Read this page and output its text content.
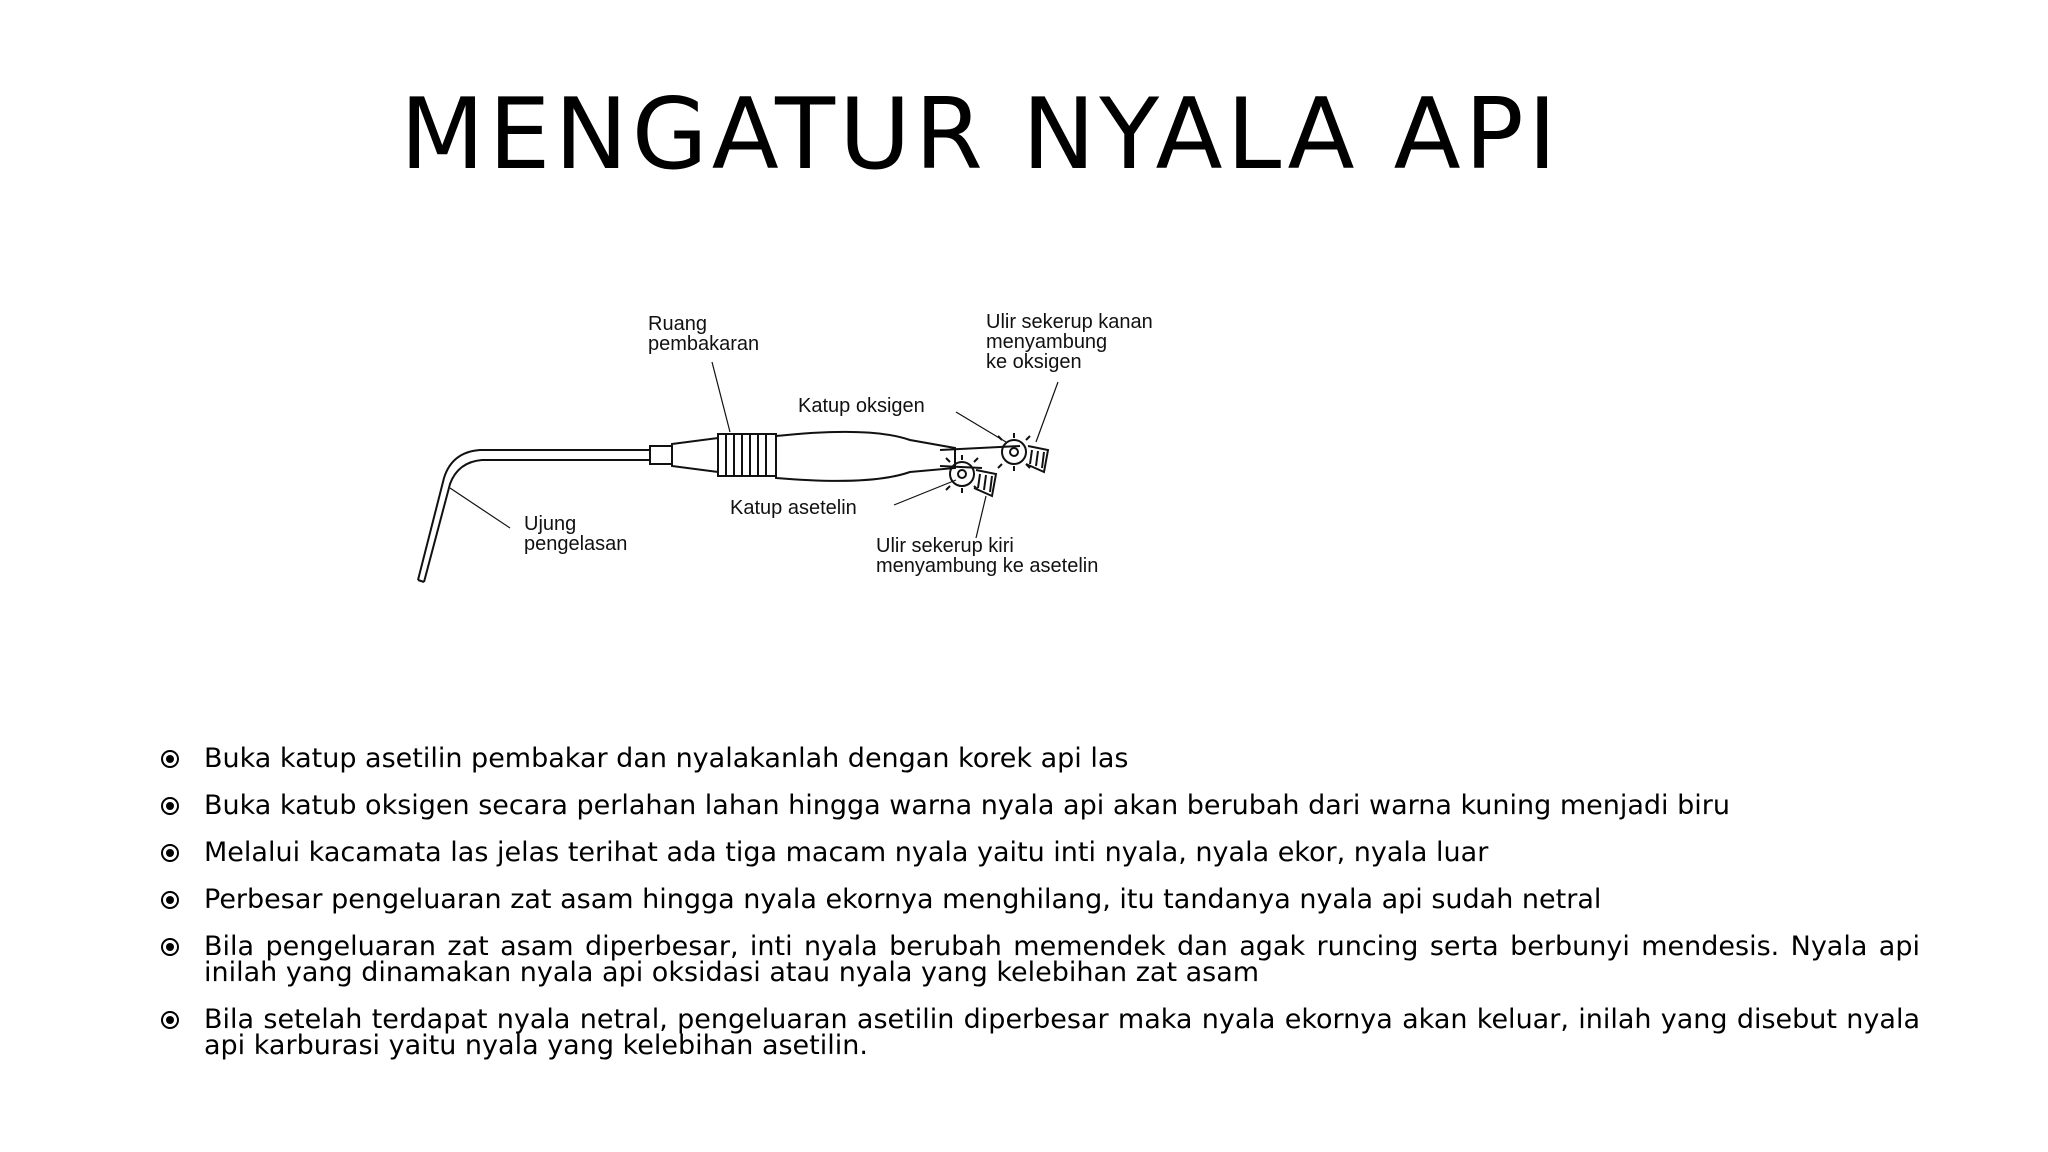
MENGATUR NYALA API
Ruang
pembakaran
Ulir sekerup kanan
menyambung
ke oksigen
Katup oksigen
Katup asetelin
Ujung
pengelasan	Ulir sekerup kiri
menyambung ke asetelin
Buka katup asetilin pembakar dan nyalakanlah dengan korek api las
Buka katub oksigen secara perlahan lahan hingga warna nyala api akan berubah dari warna kuning menjadi biru
Melalui kacamata las jelas terihat ada tiga macam nyala yaitu inti nyala, nyala ekor, nyala luar
Perbesar pengeluaran zat asam hingga nyala ekornya menghilang, itu tandanya nyala api sudah netral
Bila pengeluaran zat asam diperbesar, inti nyala berubah memendek dan agak runcing serta berbunyi mendesis. Nyala api inilah yang dinamakan nyala api oksidasi atau nyala yang kelebihan zat asam
Bila setelah terdapat nyala netral, pengeluaran asetilin diperbesar maka nyala ekornya akan keluar, inilah yang disebut nyala api karburasi yaitu nyala yang kelebihan asetilin.
